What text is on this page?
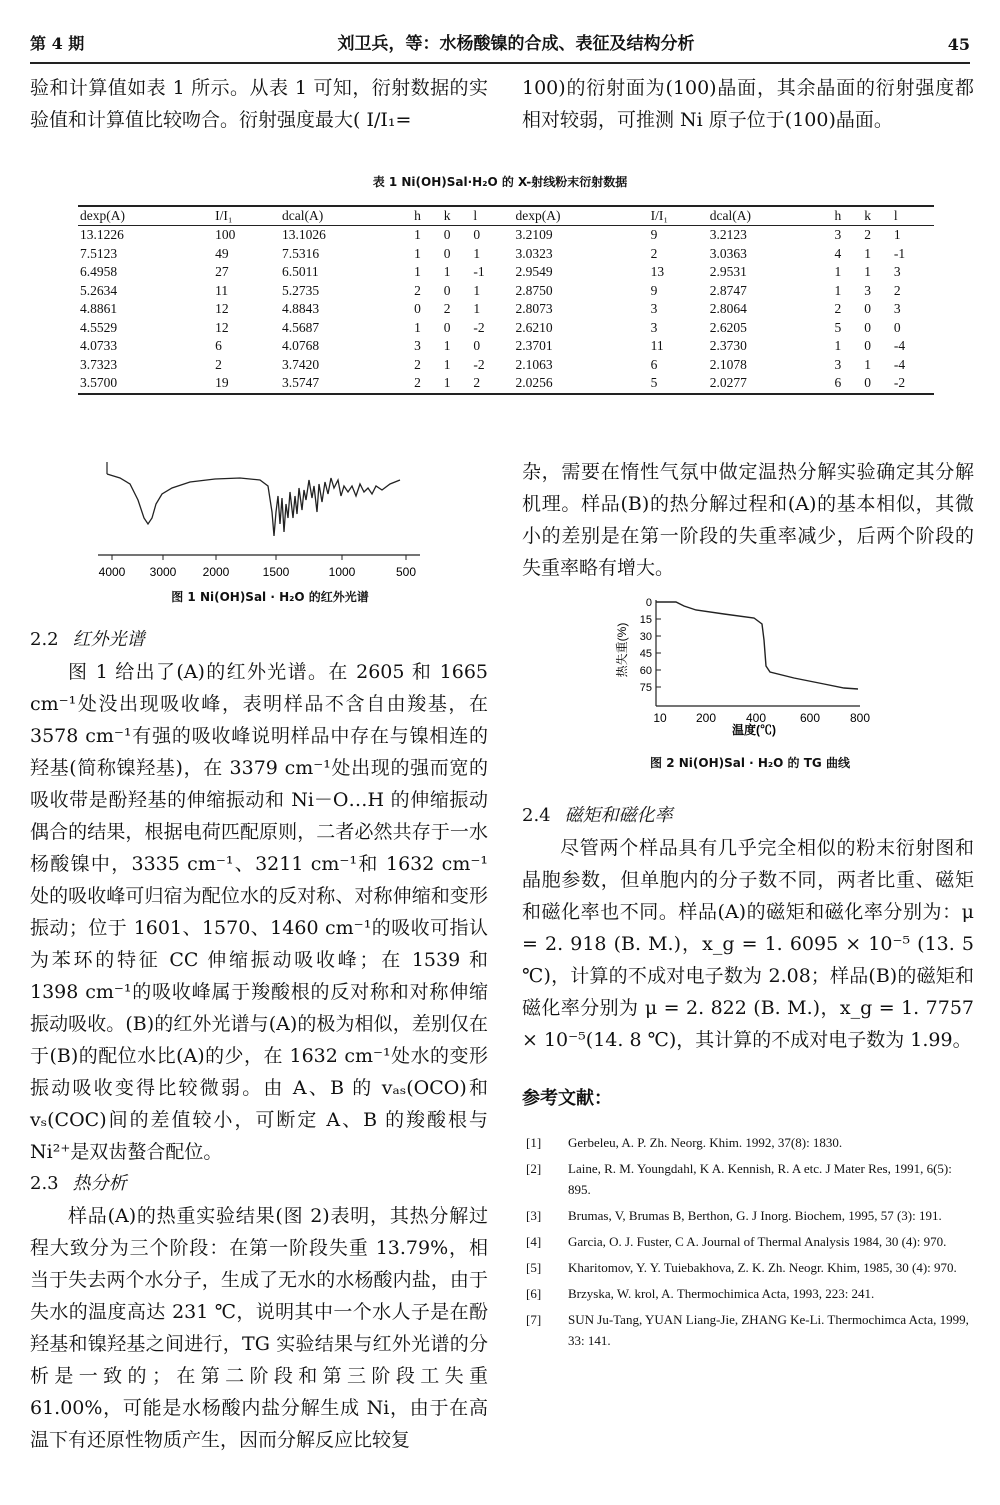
第 4 期	刘卫兵，等：水杨酸镍的合成、表征及结构分析	45

验和计算值如表 1 所示。从表 1 可知，衍射数据的实验值和计算值比较吻合。衍射强度最大( I/I₁=

100)的衍射面为(100)晶面，其余晶面的衍射强度都相对较弱，可推测 Ni 原子位于(100)晶面。

表 1 Ni(OH)Sal·H₂O 的 X-射线粉末衍射数据
dexp(A)	I/I₁	dcal(A)	h	k	l	dexp(A)	I/I₁	dcal(A)	h	k	l
13.1226	100	13.1026	1	0	0	3.2109	9	3.2123	3	2	1
7.5123	49	7.5316	1	0	1	3.0323	2	3.0363	4	1	-1
6.4958	27	6.5011	1	1	-1	2.9549	13	2.9531	1	1	3
5.2634	11	5.2735	2	0	1	2.8750	9	2.8747	1	3	2
4.8861	12	4.8843	0	2	1	2.8073	3	2.8064	2	0	3
4.5529	12	4.5687	1	0	-2	2.6210	3	2.6205	5	0	0
4.0733	6	4.0768	3	1	0	2.3701	11	2.3730	1	0	-4
3.7323	2	3.7420	2	1	-2	2.1063	6	2.1078	3	1	-4
3.5700	19	3.5747	2	1	2	2.0256	5	2.0277	6	0	-2
4000 3000 2000	1500	1000	500
图 1 Ni(OH)Sal · H₂O 的红外光谱

2.2 红外光谱

图 1 给出了(A)的红外光谱。在 2605 和 1665 cm⁻¹处没出现吸收峰，表明样品不含自由羧基，在 3578 cm⁻¹有强的吸收峰说明样品中存在与镍相连的羟基(简称镍羟基)，在 3379 cm⁻¹处出现的强而宽的吸收带是酚羟基的伸缩振动和 Ni－O…H 的伸缩振动偶合的结果，根据电荷匹配原则，二者必然共存于一水杨酸镍中，3335 cm⁻¹、3211 cm⁻¹和 1632 cm⁻¹处的吸收峰可归宿为配位水的反对称、对称伸缩和变形振动；位于 1601、1570、1460 cm⁻¹的吸收可指认为苯环的特征 CC 伸缩振动吸收峰；在 1539 和 1398 cm⁻¹的吸收峰属于羧酸根的反对称和对称伸缩振动吸收。(B)的红外光谱与(A)的极为相似，差别仅在于(B)的配位水比(A)的少，在 1632 cm⁻¹处水的变形振动吸收变得比较微弱。由 A、B 的 vₐₛ(OCO)和 vₛ(COC)间的差值较小，可断定 A、B 的羧酸根与 Ni²⁺是双齿螯合配位。

2.3 热分析

样品(A)的热重实验结果(图 2)表明，其热分解过程大致分为三个阶段：在第一阶段失重 13.79%，相当于失去两个水分子，生成了无水的水杨酸内盐，由于失水的温度高达 231 ℃，说明其中一个水人子是在酚羟基和镍羟基之间进行，TG 实验结果与红外光谱的分析是一致的；在第二阶段和第三阶段工失重 61.00%，可能是水杨酸内盐分解生成 Ni，由于在高温下有还原性物质产生，因而分解反应比较复

杂，需要在惰性气氛中做定温热分解实验确定其分解机理。样品(B)的热分解过程和(A)的基本相似，其微小的差别是在第一阶段的失重率减少，后两个阶段的失重率略有增大。

热失重(%)
0
15
30
45
60
75
10 200 400	600 800
温度(℃)
图 2 Ni(OH)Sal · H₂O 的 TG 曲线

2.4 磁矩和磁化率

尽管两个样品具有几乎完全相似的粉末衍射图和晶胞参数，但单胞内的分子数不同，两者比重、磁矩和磁化率也不同。样品(A)的磁矩和磁化率分别为：μ = 2. 918 (B. M.)，x_g = 1. 6095 × 10⁻⁵ (13. 5 ℃)，计算的不成对电子数为 2.08；样品(B)的磁矩和磁化率分别为 μ = 2. 822 (B. M.)，x_g = 1. 7757 × 10⁻⁵(14. 8 ℃)，其计算的不成对电子数为 1.99。

参考文献：

[1] Gerbeleu, A. P. Zh. Neorg. Khim. 1992, 37(8): 1830.
[2] Laine, R. M. Youngdahl, K A. Kennish, R. A etc. J Mater Res, 1991, 6(5): 895.
[3] Brumas, V, Brumas B, Berthon, G. J Inorg. Biochem, 1995, 57 (3): 191.
[4] Garcia, O. J. Fuster, C A. Journal of Thermal Analysis 1984, 30 (4): 970.
[5] Kharitomov, Y. Y. Tuiebakhova, Z. K. Zh. Neogr. Khim, 1985, 30 (4): 970.
[6] Brzyska, W. krol, A. Thermochimica Acta, 1993, 223: 241.
[7] SUN Ju-Tang, YUAN Liang-Jie, ZHANG Ke-Li. Thermochimca Acta, 1999, 33: 141.
